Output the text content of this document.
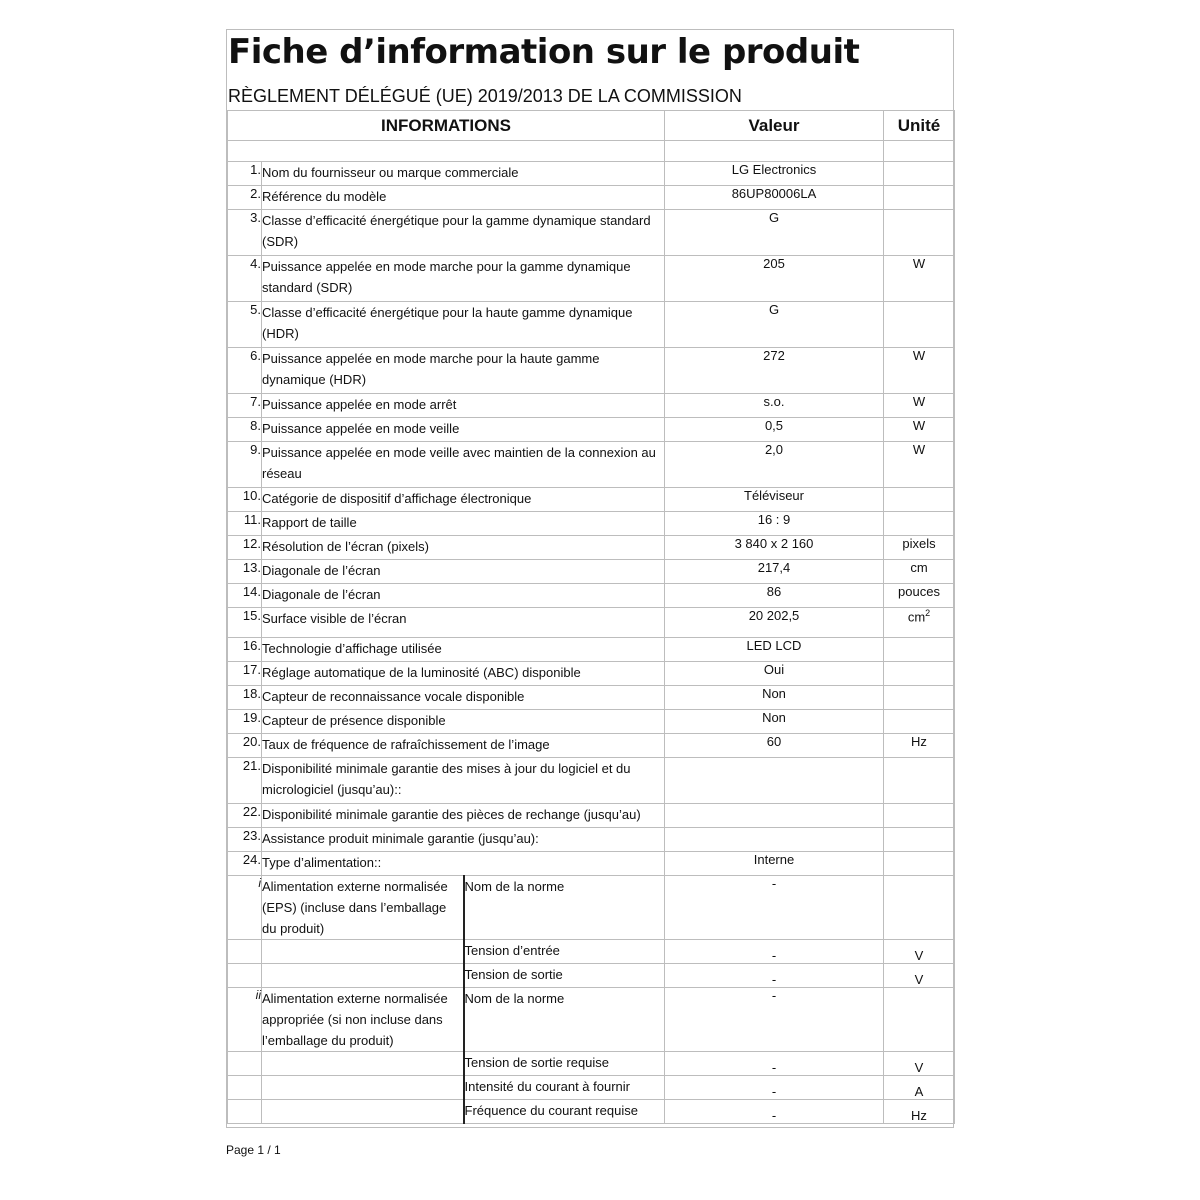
Fiche d’information sur le produit
RÈGLEMENT DÉLÉGUÉ (UE) 2019/2013 DE LA COMMISSION
INFORMATIONS			Valeur	Unité

1.	Nom du fournisseur ou marque commerciale		LG Electronics	
2.	Référence du modèle		86UP80006LA	
3.	Classe d’efficacité énergétique pour la gamme dynamique standard (SDR)		G	
4.	Puissance appelée en mode marche pour la gamme dynamique standard (SDR)		205	W
5.	Classe d’efficacité énergétique pour la haute gamme dynamique (HDR)		G	
6.	Puissance appelée en mode marche pour la haute gamme dynamique (HDR)		272	W
7.	Puissance appelée en mode arrêt		s.o.	W
8.	Puissance appelée en mode veille		0,5	W
9.	Puissance appelée en mode veille avec maintien de la connexion au réseau		2,0	W
10.	Catégorie de dispositif d’affichage électronique		Téléviseur	
11.	Rapport de taille		16 : 9	
12.	Résolution de l’écran (pixels)		3 840 x 2 160	pixels
13.	Diagonale de l’écran		217,4	cm
14.	Diagonale de l’écran		86	pouces
15.	Surface visible de l’écran		20 202,5	$cm^2$
16.	Technologie d’affichage utilisée		LED LCD	
17.	Réglage automatique de la luminosité (ABC) disponible		Oui	
18.	Capteur de reconnaissance vocale disponible		Non	
19.	Capteur de présence disponible		Non	
20.	Taux de fréquence de rafraîchissement de l’image		60	Hz
21.	Disponibilité minimale garantie des mises à jour du logiciel et du micrologiciel (jusqu’au)::			
22.	Disponibilité minimale garantie des pièces de rechange (jusqu’au)			
23.	Assistance produit minimale garantie (jusqu’au):			
24.	Type d’alimentation::		Interne	
i	Alimentation externe normalisée (EPS) (incluse dans l’emballage du produit)	Nom de la norme	-	
		Tension d’entrée	-	V
		Tension de sortie	-	V
ii	Alimentation externe normalisée appropriée (si non incluse dans l’emballage du produit)	Nom de la norme	-	
		Tension de sortie requise	-	V
		Intensité du courant à fournir	-	A
		Fréquence du courant requise	-	Hz
Page 1 / 1
